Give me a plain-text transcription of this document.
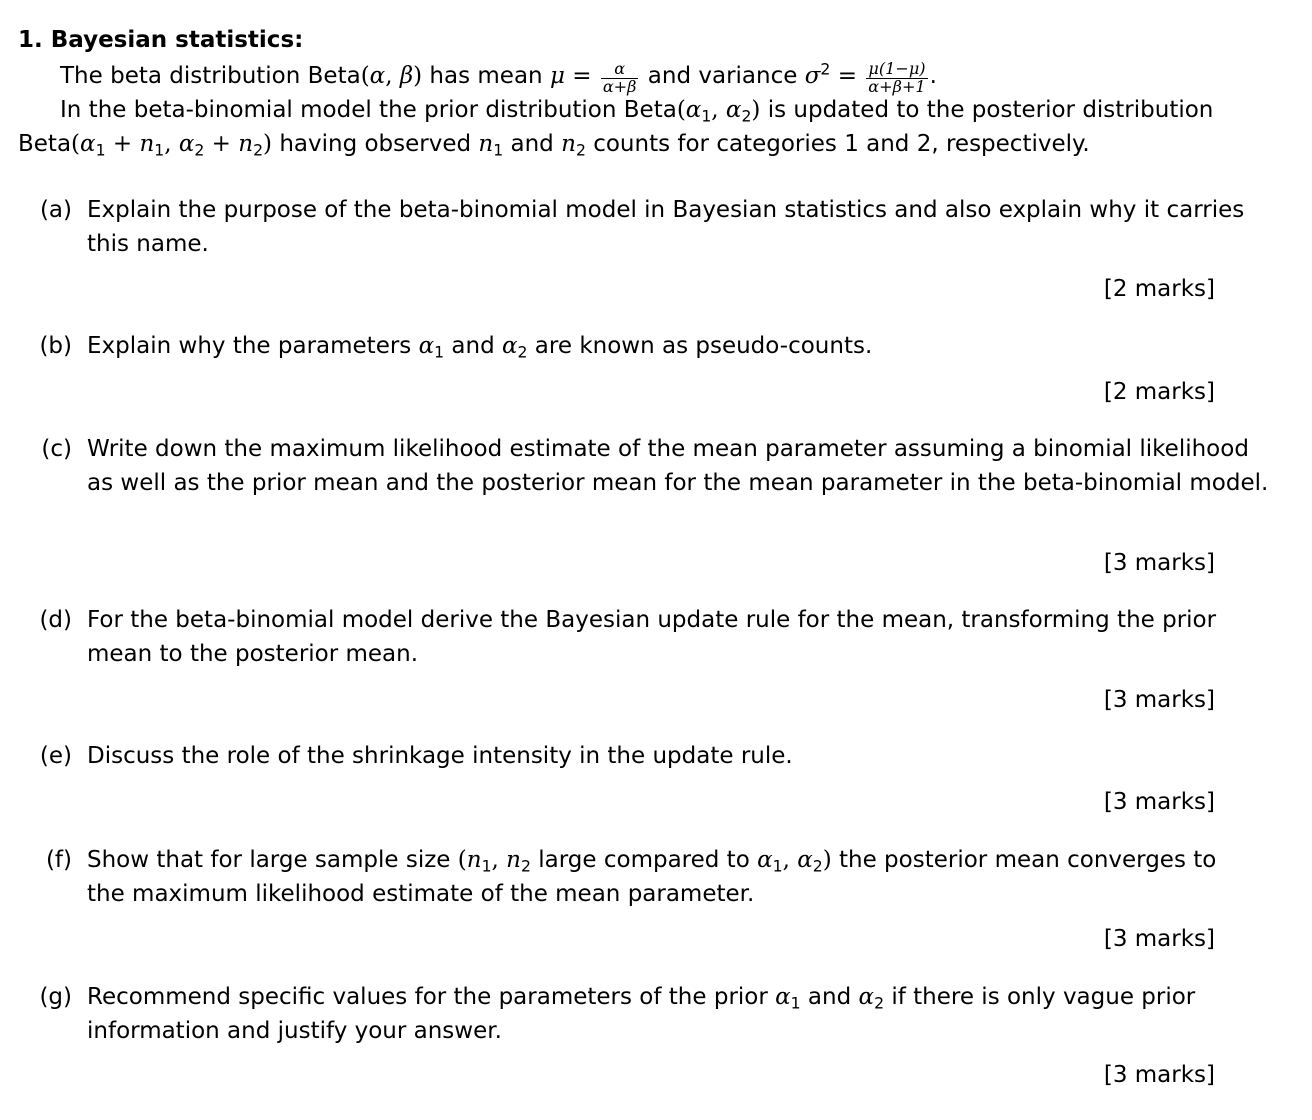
1. Bayesian statistics:
The beta distribution Beta(α, β) has mean $\mu = \frac{\alpha}{\alpha+\beta}$ and variance $\sigma^2 = \frac{\mu(1-\mu)}{\alpha+\beta+1}$ .
In the beta-binomial model the prior distribution $Beta(\alpha_1$, $\alpha_2$) is updated to the posterior distribution
$Beta(\alpha_1 + n_1$, $\alpha_2 + n_2$) having observed $n_1$ and $n_2$ counts for categories 1 and 2, respectively.
(a) Explain the purpose of the beta-binomial model in Bayesian statistics and also explain why it carries
this name.
[2 marks]
(b) Explain why the parameters $\alpha_1$ and $\alpha_2$ are known as pseudo-counts.
[2 marks]
(c) Write down the maximum likelihood estimate of the mean parameter assuming a binomial likelihood
as well as the prior mean and the posterior mean for the mean parameter in the beta-binomial model.
[3 marks]
(d) For the beta-binomial model derive the Bayesian update rule for the mean, transforming the prior
mean to the posterior mean.
[3 marks]
(e) Discuss the role of the shrinkage intensity in the update rule.
[3 marks]
(f) Show that for large sample size ($n_1$, $n_2$ large compared to $\alpha_1$, $\alpha_2$) the posterior mean converges to
the maximum likelihood estimate of the mean parameter.
[3 marks]
(g) Recommend specific values for the parameters of the prior $\alpha_1$ and $\alpha_2$ if there is only vague prior
information and justify your answer.
[3 marks]
